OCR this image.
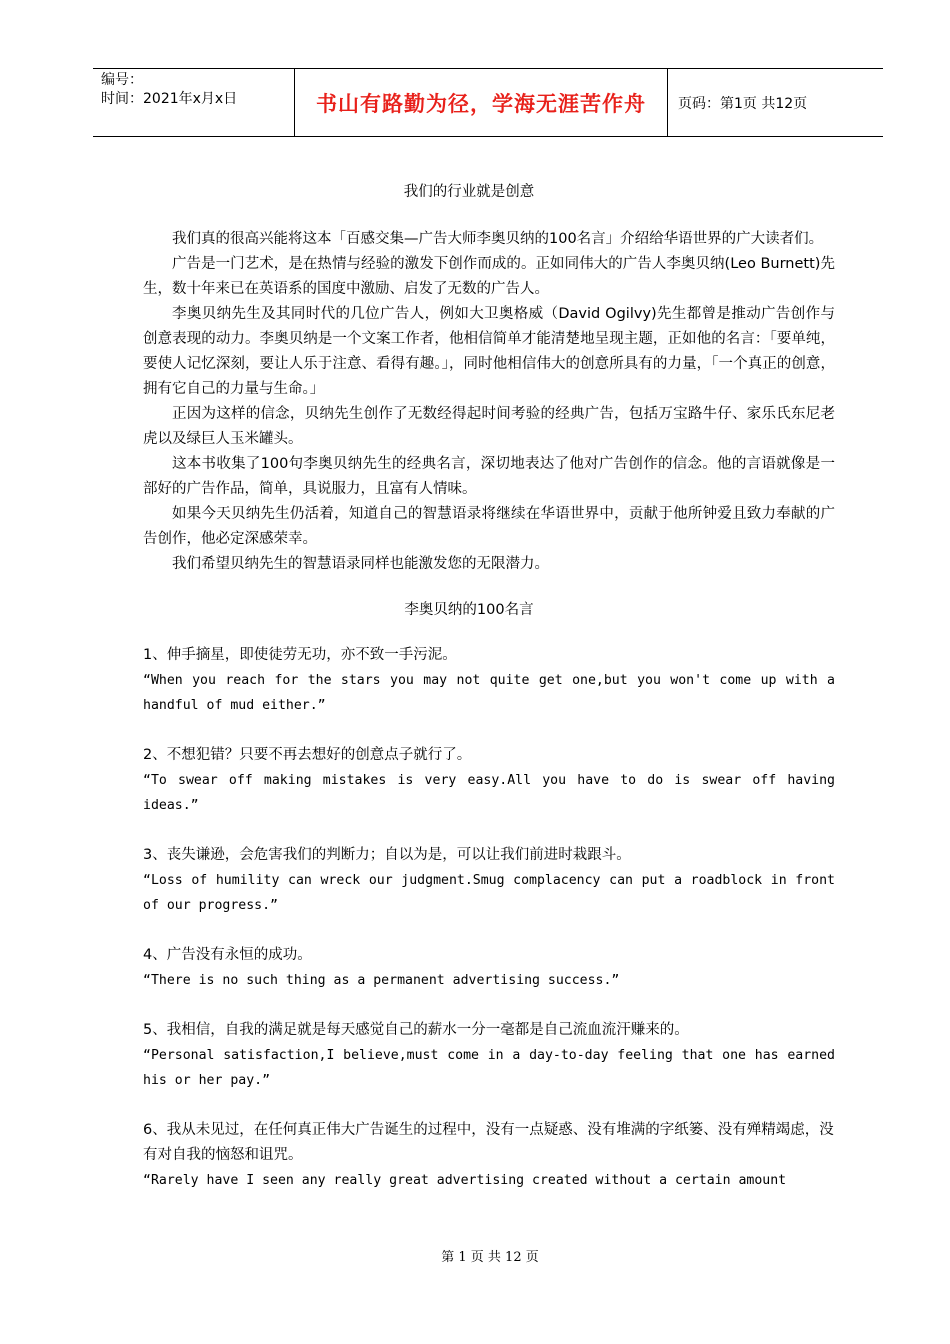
编号：
时间：2021年x月x日	书山有路勤为径，学海无涯苦作舟	页码：第1页 共12页
我们的行业就是创意

我们真的很高兴能将这本「百感交集—广告大师李奥贝纳的100名言」介绍给华语世界的广大读者们。

广告是一门艺术，是在热情与经验的激发下创作而成的。正如同伟大的广告人李奥贝纳(Leo Burnett)先生，数十年来已在英语系的国度中激励、启发了无数的广告人。

李奥贝纳先生及其同时代的几位广告人，例如大卫奥格威（David Ogilvy)先生都曾是推动广告创作与创意表现的动力。李奥贝纳是一个文案工作者，他相信简单才能清楚地呈现主题，正如他的名言：「要单纯，要使人记忆深刻，要让人乐于注意、看得有趣。」，同时他相信伟大的创意所具有的力量，「一个真正的创意，拥有它自己的力量与生命。」

正因为这样的信念，贝纳先生创作了无数经得起时间考验的经典广告，包括万宝路牛仔、家乐氏东尼老虎以及绿巨人玉米罐头。

这本书收集了100句李奥贝纳先生的经典名言，深切地表达了他对广告创作的信念。他的言语就像是一部好的广告作品，简单，具说服力，且富有人情味。

如果今天贝纳先生仍活着，知道自己的智慧语录将继续在华语世界中，贡献于他所钟爱且致力奉献的广告创作，他必定深感荣幸。

我们希望贝纳先生的智慧语录同样也能激发您的无限潜力。

李奥贝纳的100名言
1、伸手摘星，即使徒劳无功，亦不致一手污泥。
“When you reach for the stars you may not quite get one,but you won't come up with a handful of mud either.”
2、不想犯错？只要不再去想好的创意点子就行了。
“To swear off making mistakes is very easy.All you have to do is swear off having ideas.”
3、丧失谦逊，会危害我们的判断力；自以为是，可以让我们前进时栽跟斗。
“Loss of humility can wreck our judgment.Smug complacency can put a roadblock in front of our progress.”
4、广告没有永恒的成功。
“There is no such thing as a permanent advertising success.”
5、我相信，自我的满足就是每天感觉自己的薪水一分一毫都是自己流血流汗赚来的。
“Personal satisfaction,I believe,must come in a day-to-day feeling that one has earned his or her pay.”
6、我从未见过，在任何真正伟大广告诞生的过程中，没有一点疑惑、没有堆满的字纸篓、没有殚精竭虑，没有对自我的恼怒和诅咒。
“Rarely have I seen any really great advertising created without a certain amount
第 1 页 共 12 页
